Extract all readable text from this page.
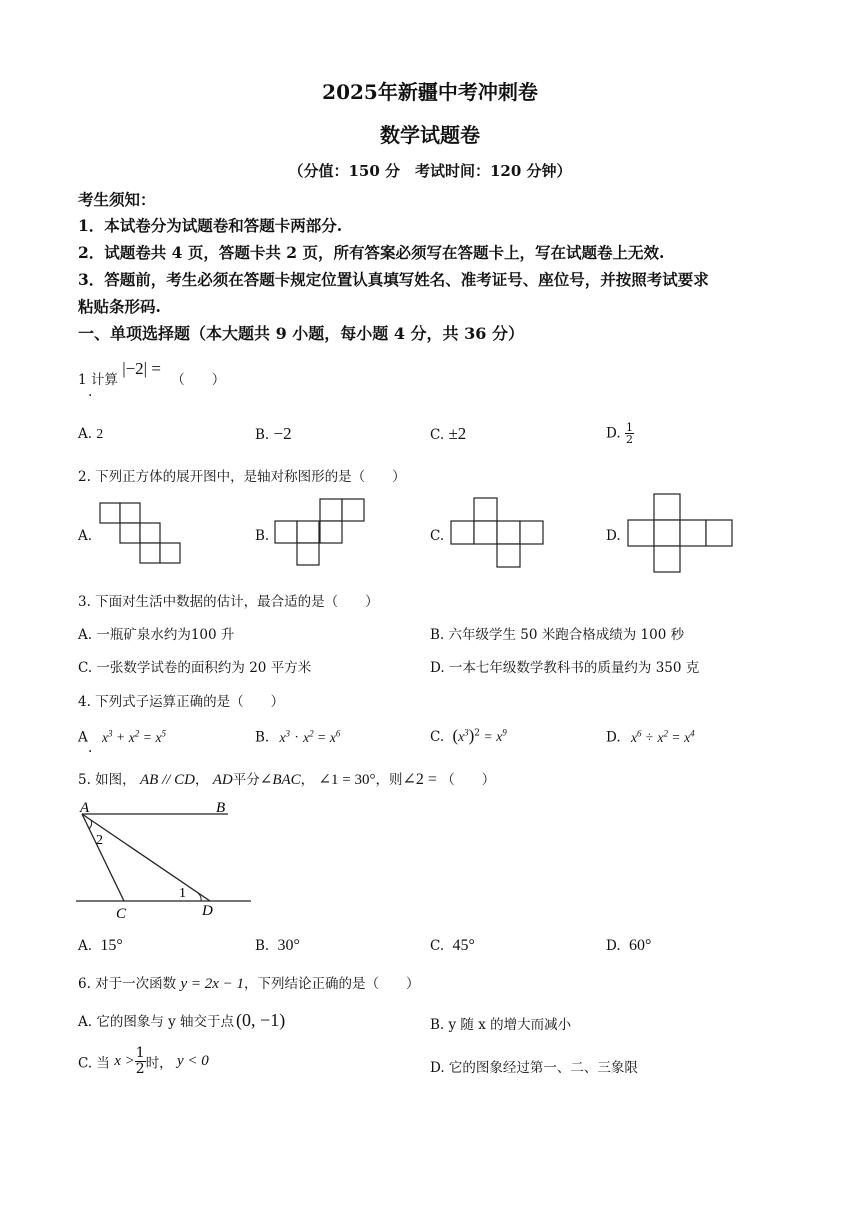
2025年新疆中考冲刺卷
数学试题卷
（分值：150 分　考试时间：120 分钟）
考生须知：
1．本试卷分为试题卷和答题卡两部分.
2．试题卷共 4 页，答题卡共 2 页，所有答案必须写在答题卡上，写在试题卷上无效.
3．答题前，考生必须在答题卡规定位置认真填写姓名、准考证号、座位号，并按照考试要求
粘贴条形码.
一、单项选择题（本大题共 9 小题，每小题 4 分，共 36 分）
1 计算 |−2| = （　　）
.
A. 2	B. −2	C. ±2	D. $\frac{1}{2}$
2. 下列正方体的展开图中，是轴对称图形的是（　　）
A.	B.	C.	D.
3. 下面对生活中数据的估计，最合适的是（　　）
A. 一瓶矿泉水约为100 升	B. 六年级学生 50 米跑合格成绩为 100 秒
C. 一张数学试卷的面积约为 20 平方米	D. 一本七年级数学教科书的质量约为 350 克
4. 下列式子运算正确的是（　　）
A $x^3 + x^2 = x^5$
.
B. $x^3 \cdot x^2 = x^6$	C. $(x^3)^2 = x^9$	D. $x^6 \div x^2 = x^4$
5. 如图， AB // CD， AD平分∠BAC， ∠1 = 30°，则∠2 = （　　）
A	B
C	D
1
2
A. 15°	B. 30°	C. 45°	D. 60°
6. 对于一次函数 y = 2x − 1，下列结论正确的是（　　）
A. 它的图象与 y 轴交于点 (0, −1)	B. y 随 x 的增大而减小
C. 当 $x > \frac{1}{2}$ 时， y < 0	D. 它的图象经过第一、二、三象限
